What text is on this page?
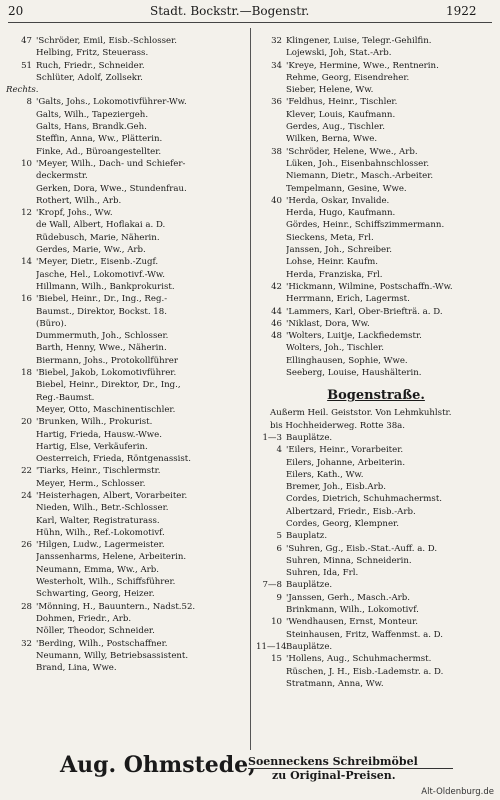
20	Stadt. Bockstr.—Bogenstr.	1922
47 'Schröder, Emil, Eisb.-Schlosser.
Helbing, Fritz, Steuerass.
51 Ruch, Friedr., Schneider.
Schlüter, Adolf, Zollsekr.
Rechts.
8 'Galts, Johs., Lokomotivführer-Ww.
Galts, Wilh., Tapeziergeh.
Galts, Hans, Brandk.Geh.
Steffin, Anna, Ww., Plätterin.
Finke, Ad., Büroangestellter.
10 'Meyer, Wilh., Dach- und Schiefer-
deckermstr.
Gerken, Dora, Wwe., Stundenfrau.
Rothert, Wilh., Arb.
12 'Kropf, Johs., Ww.
de Wall, Albert, Hoflakai a. D.
Rüdebusch, Marie, Näherin.
Gerdes, Marie, Ww., Arb.
14 'Meyer, Dietr., Eisenb.-Zugf.
Jasche, Hel., Lokomotivf.-Ww.
Hillmann, Wilh., Bankprokurist.
16 'Biebel, Heinr., Dr., Ing., Reg.-
Baumst., Direktor, Bockst. 18.
(Büro).
Dummermuth, Joh., Schlosser.
Barth, Henny, Wwe., Näherin.
Biermann, Johs., Protokollführer
18 'Biebel, Jakob, Lokomotivführer.
Biebel, Heinr., Direktor, Dr., Ing.,
Reg.-Baumst.
Meyer, Otto, Maschinentischler.
20 'Brunken, Wilh., Prokurist.
Hartig, Frieda, Hausw.-Wwe.
Hartig, Else, Verkäuferin.
Oesterreich, Frieda, Röntgenassist.
22 'Tiarks, Heinr., Tischlermstr.
Meyer, Herm., Schlosser.
24 'Heisterhagen, Albert, Vorarbeiter.
Nieden, Wilh., Betr.-Schlosser.
Karl, Walter, Registraturass.
Hühn, Wilh., Ref.-Lokomotivf.
26 'Hilgen, Ludw., Lagermeister.
Janssenharms, Helene, Arbeiterin.
Neumann, Emma, Ww., Arb.
Westerholt, Wilh., Schiffsführer.
Schwarting, Georg, Heizer.
28 'Mönning, H., Bauuntern., Nadst.52.
Dohmen, Friedr., Arb.
Nöller, Theodor, Schneider.
32 'Berding, Wilh., Postschaffner.
Neumann, Willy, Betriebsassistent.
Brand, Lina, Wwe.
32 Klingener, Luise, Telegr.-Gehilfin.
Lojewski, Joh, Stat.-Arb.
34 'Kreye, Hermine, Wwe., Rentnerin.
Rehme, Georg, Eisendreher.
Sieber, Helene, Ww.
36 'Feldhus, Heinr., Tischler.
Klever, Louis, Kaufmann.
Gerdes, Aug., Tischler.
Wilken, Berna, Wwe.
38 'Schröder, Helene, Wwe., Arb.
Lüken, Joh., Eisenbahnschlosser.
Niemann, Dietr., Masch.-Arbeiter.
Tempelmann, Gesine, Wwe.
40 'Herda, Oskar, Invalide.
Herda, Hugo, Kaufmann.
Gördes, Heinr., Schiffszimmermann.
Sieckens, Meta, Frl.
Janssen, Joh., Schreiber.
Lohse, Heinr. Kaufm.
Herda, Franziska, Frl.
42 'Hickmann, Wilmine, Postschaffn.-Ww.
Herrmann, Erich, Lagermst.
44 'Lammers, Karl, Ober-Briefträ. a. D.
46 'Niklast, Dora, Ww.
48 'Wolters, Luitje, Lackfiedemstr.
Wolters, Joh., Tischler.
Ellinghausen, Sophie, Wwe.
Seeberg, Louise, Haushälterin.
Bogenstraße.
Außerm Heil. Geiststor. Von Lehmkuhlstr.
bis Hochheiderweg. Rotte 38a.
1—3 Bauplätze.
4 'Eilers, Heinr., Vorarbeiter.
Eilers, Johanne, Arbeiterin.
Eilers, Kath., Ww.
Bremer, Joh., Eisb.Arb.
Cordes, Dietrich, Schuhmachermst.
Albertzard, Friedr., Eisb.-Arb.
Cordes, Georg, Klempner.
5 Bauplatz.
6 'Suhren, Gg., Eisb.-Stat.-Auff. a. D.
Suhren, Minna, Schneiderin.
Suhren, Ida, Frl.
7—8 Bauplätze.
9 'Janssen, Gerh., Masch.-Arb.
Brinkmann, Wilh., Lokomotivf.
10 'Wendhausen, Ernst, Monteur.
Steinhausen, Fritz, Waffenmst. a. D.
11—14 Bauplätze.
15 'Hollens, Aug., Schuhmachermst.
Rüschen, J. H., Eisb.-Lademstr. a. D.
Stratmann, Anna, Ww.
Aug. Ohmstede,
Soenneckens Schreibmöbel
zu Original-Preisen.
Alt-Oldenburg.de
